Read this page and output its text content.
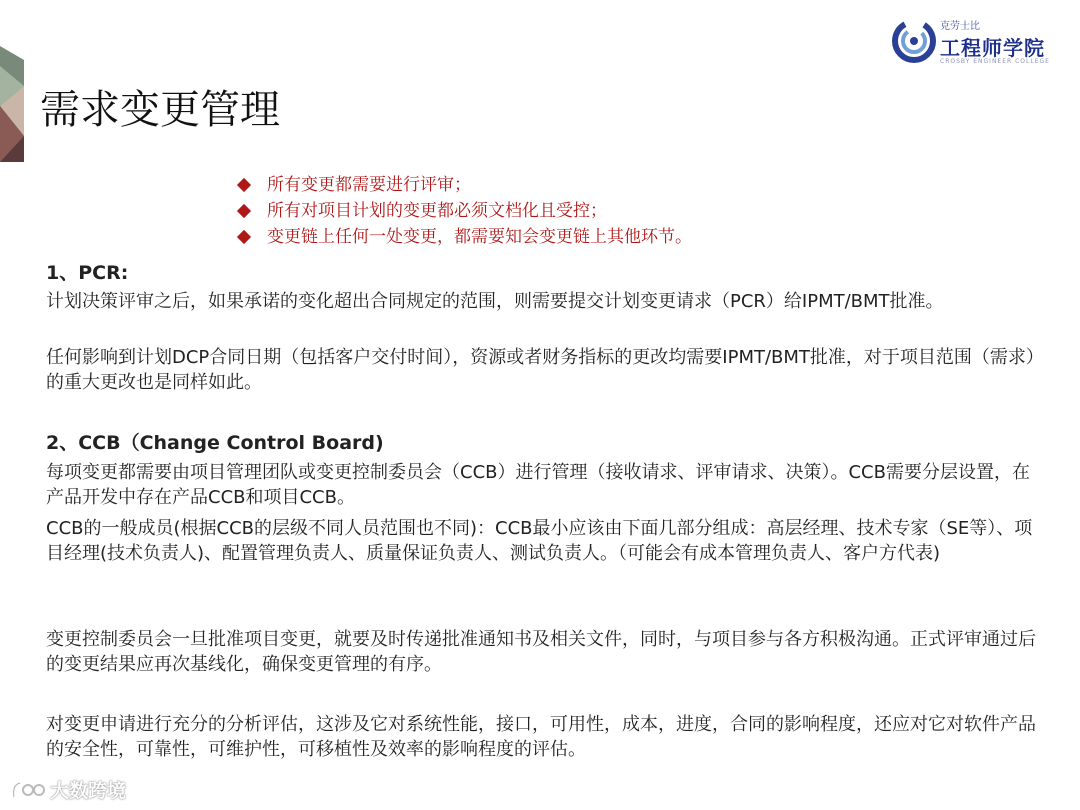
需求变更管理
克劳士比
工程师学院
CROSBY ENGINEER COLLEGE
所有变更都需要进行评审；
所有对项目计划的变更都必须文档化且受控；
变更链上任何一处变更，都需要知会变更链上其他环节。
1、PCR:

计划决策评审之后，如果承诺的变化超出合同规定的范围，则需要提交计划变更请求（PCR）给IPMT/BMT批准。

任何影响到计划DCP合同日期（包括客户交付时间），资源或者财务指标的更改均需要IPMT/BMT批准，对于项目范围（需求）的重大更改也是同样如此。

2、CCB（Change Control Board)

每项变更都需要由项目管理团队或变更控制委员会（CCB）进行管理（接收请求、评审请求、决策）。CCB需要分层设置，在产品开发中存在产品CCB和项目CCB。

CCB的一般成员(根据CCB的层级不同人员范围也不同)：CCB最小应该由下面几部分组成：高层经理、技术专家（SE等）、项目经理(技术负责人)、配置管理负责人、质量保证负责人、测试负责人。（可能会有成本管理负责人、客户方代表)

变更控制委员会一旦批准项目变更，就要及时传递批准通知书及相关文件，同时，与项目参与各方积极沟通。正式评审通过后的变更结果应再次基线化，确保变更管理的有序。

对变更申请进行充分的分析评估，这涉及它对系统性能，接口，可用性，成本，进度，合同的影响程度，还应对它对软件产品的安全性，可靠性，可维护性，可移植性及效率的影响程度的评估。

大数跨境
